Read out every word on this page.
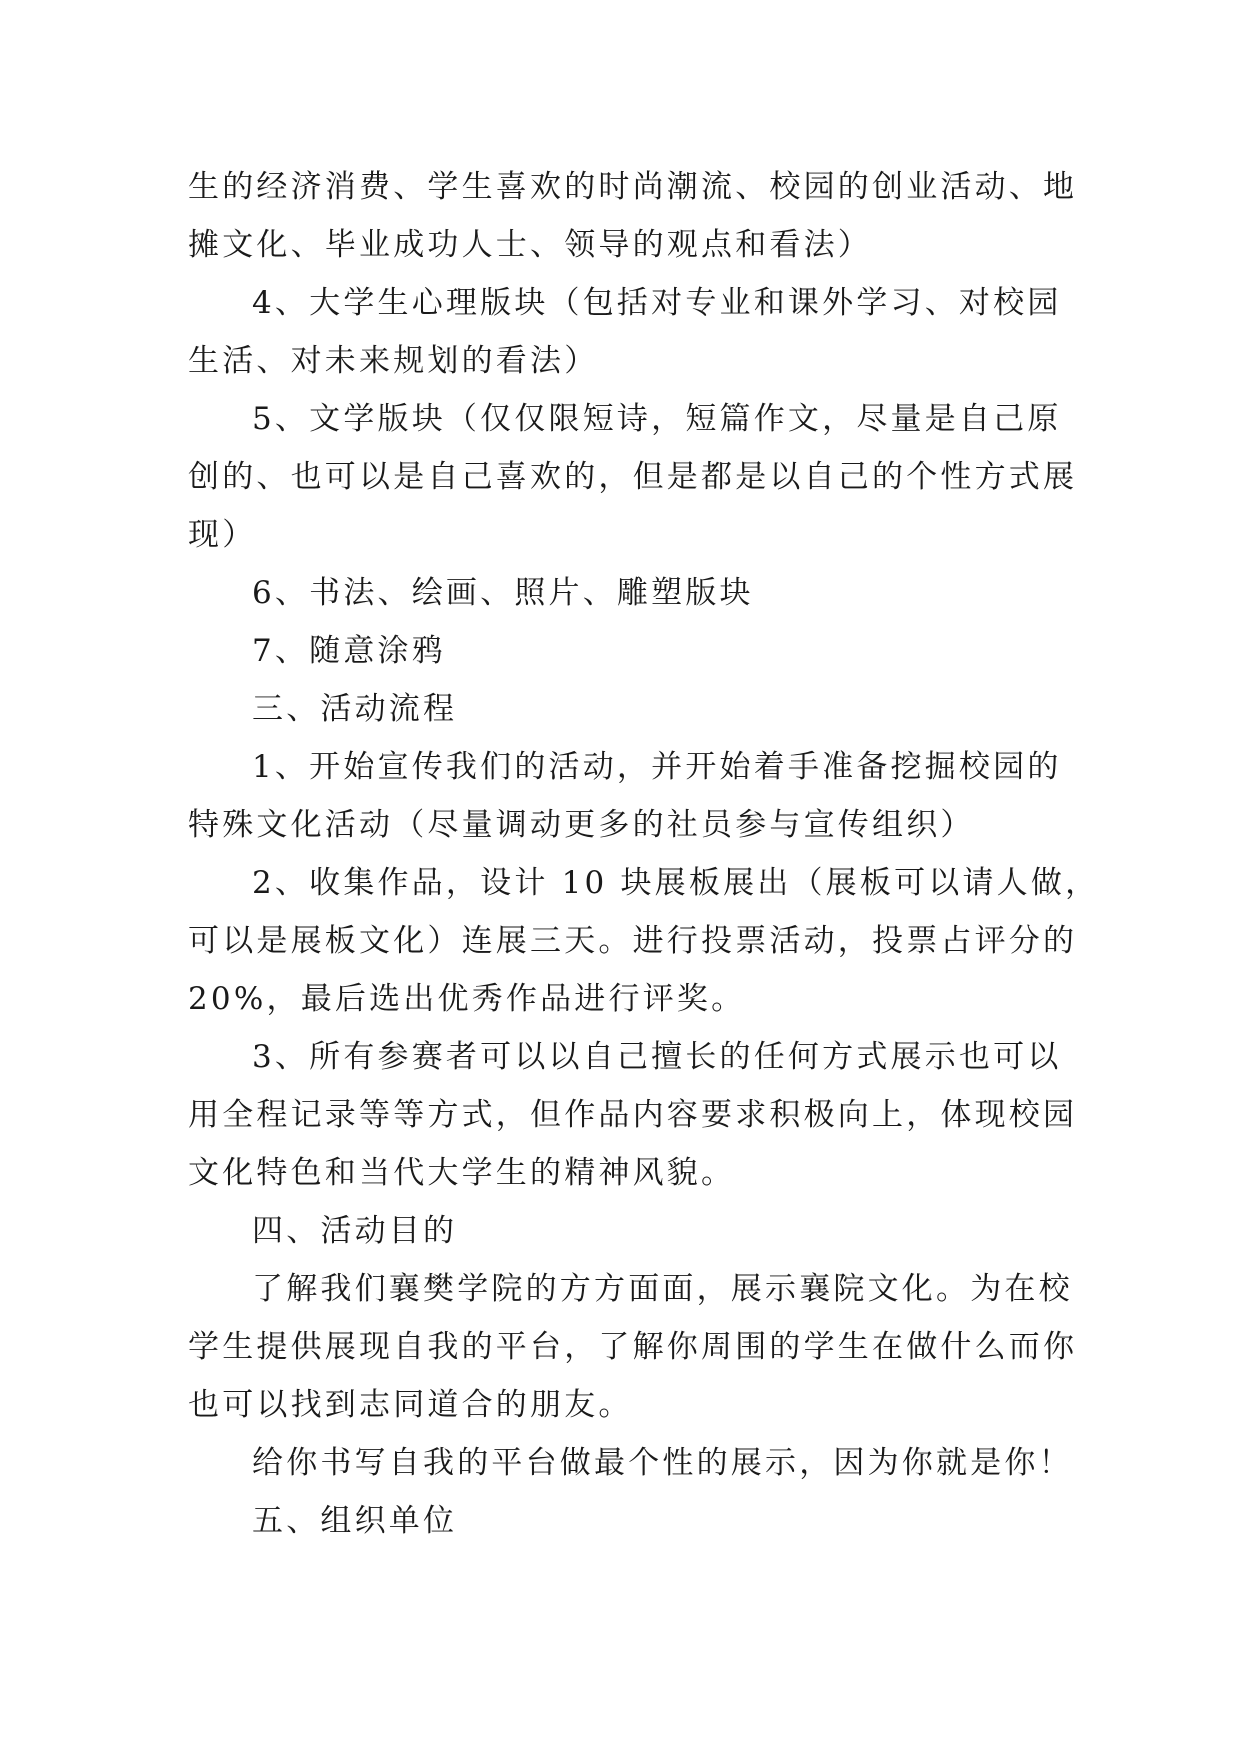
生的经济消费、学生喜欢的时尚潮流、校园的创业活动、地
摊文化、毕业成功人士、领导的观点和看法）
4、大学生心理版块（包括对专业和课外学习、对校园
生活、对未来规划的看法）
5、文学版块（仅仅限短诗，短篇作文，尽量是自己原
创的、也可以是自己喜欢的，但是都是以自己的个性方式展
现）
6、书法、绘画、照片、雕塑版块
7、随意涂鸦
三、活动流程
1、开始宣传我们的活动，并开始着手准备挖掘校园的
特殊文化活动（尽量调动更多的社员参与宣传组织）
2、收集作品，设计 10 块展板展出（展板可以请人做，
可以是展板文化）连展三天。进行投票活动，投票占评分的
20%，最后选出优秀作品进行评奖。
3、所有参赛者可以以自己擅长的任何方式展示也可以
用全程记录等等方式，但作品内容要求积极向上，体现校园
文化特色和当代大学生的精神风貌。
四、活动目的
了解我们襄樊学院的方方面面，展示襄院文化。为在校
学生提供展现自我的平台，了解你周围的学生在做什么而你
也可以找到志同道合的朋友。
给你书写自我的平台做最个性的展示，因为你就是你！
五、组织单位
